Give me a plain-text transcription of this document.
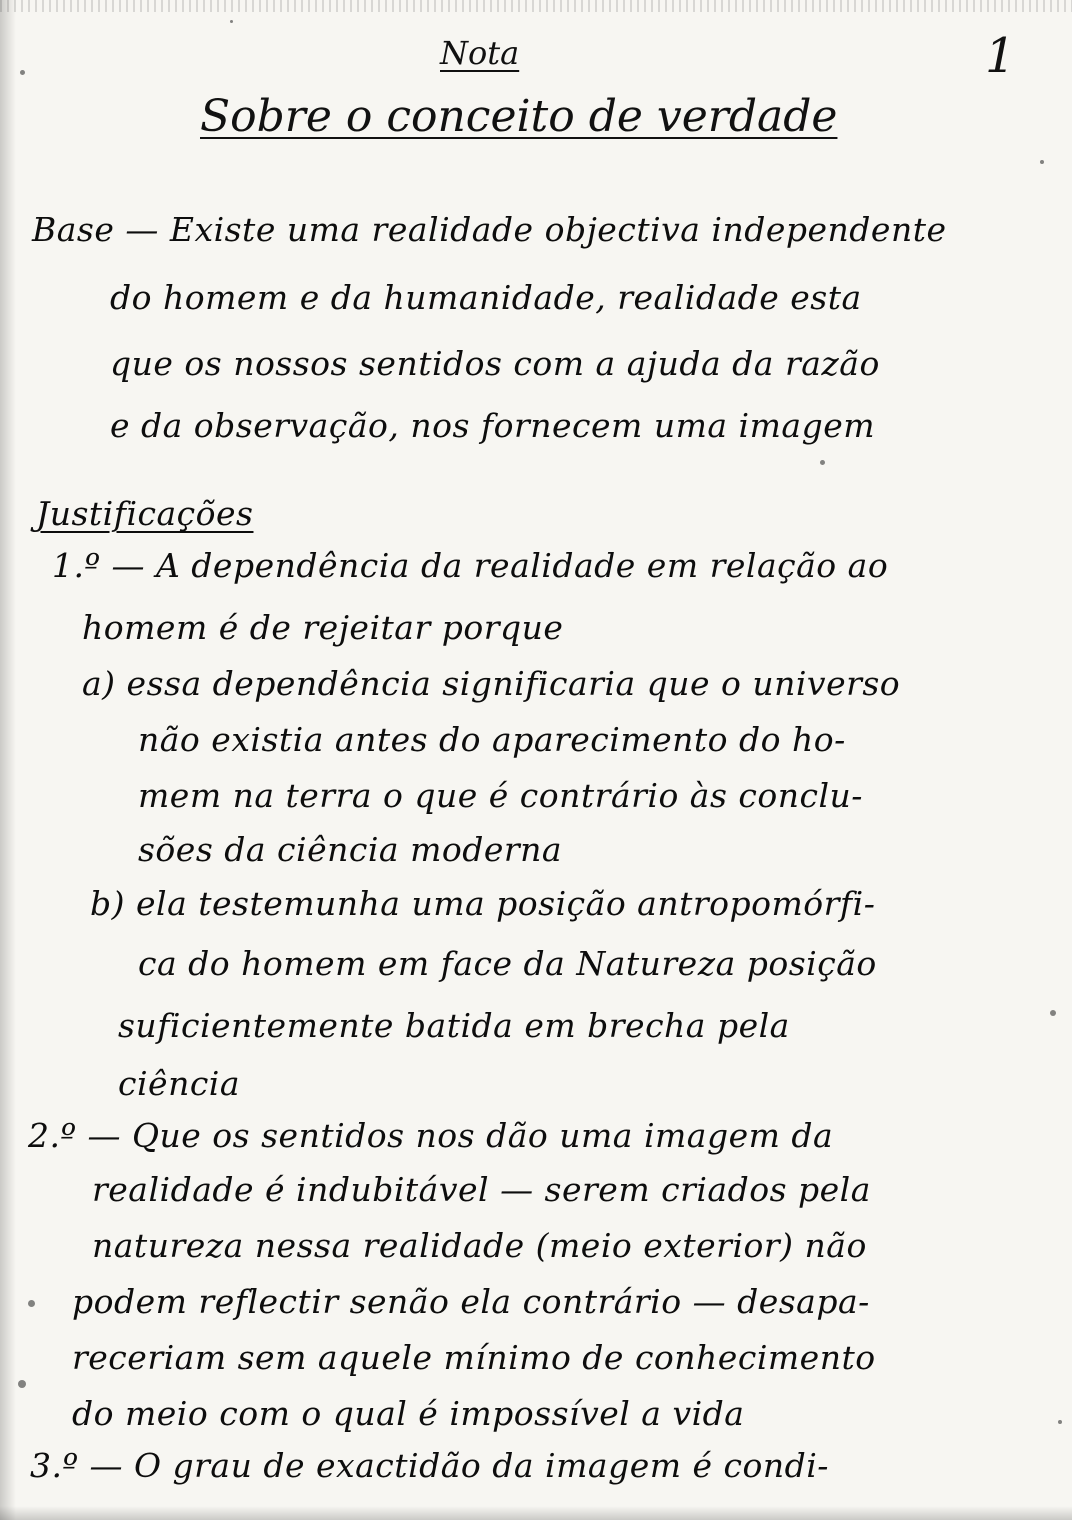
Nota	1
Sobre o conceito de verdade
Base — Existe uma realidade objectiva independente
do homem e da humanidade, realidade esta
que os nossos sentidos com a ajuda da razão
e da observação, nos fornecem uma imagem
Justificações
1.º — A dependência da realidade em relação ao
homem é de rejeitar porque
a) essa dependência significaria que o universo
não existia antes do aparecimento do ho-
mem na terra o que é contrário às conclu-
sões da ciência moderna
b) ela testemunha uma posição antropomórfi-
ca do homem em face da Natureza posição
suficientemente batida em brecha pela
ciência
2.º — Que os sentidos nos dão uma imagem da
realidade é indubitável — serem criados pela
natureza nessa realidade (meio exterior) não
podem reflectir senão ela contrário — desapa-
receriam sem aquele mínimo de conhecimento
do meio com o qual é impossível a vida
3.º — O grau de exactidão da imagem é condi-
